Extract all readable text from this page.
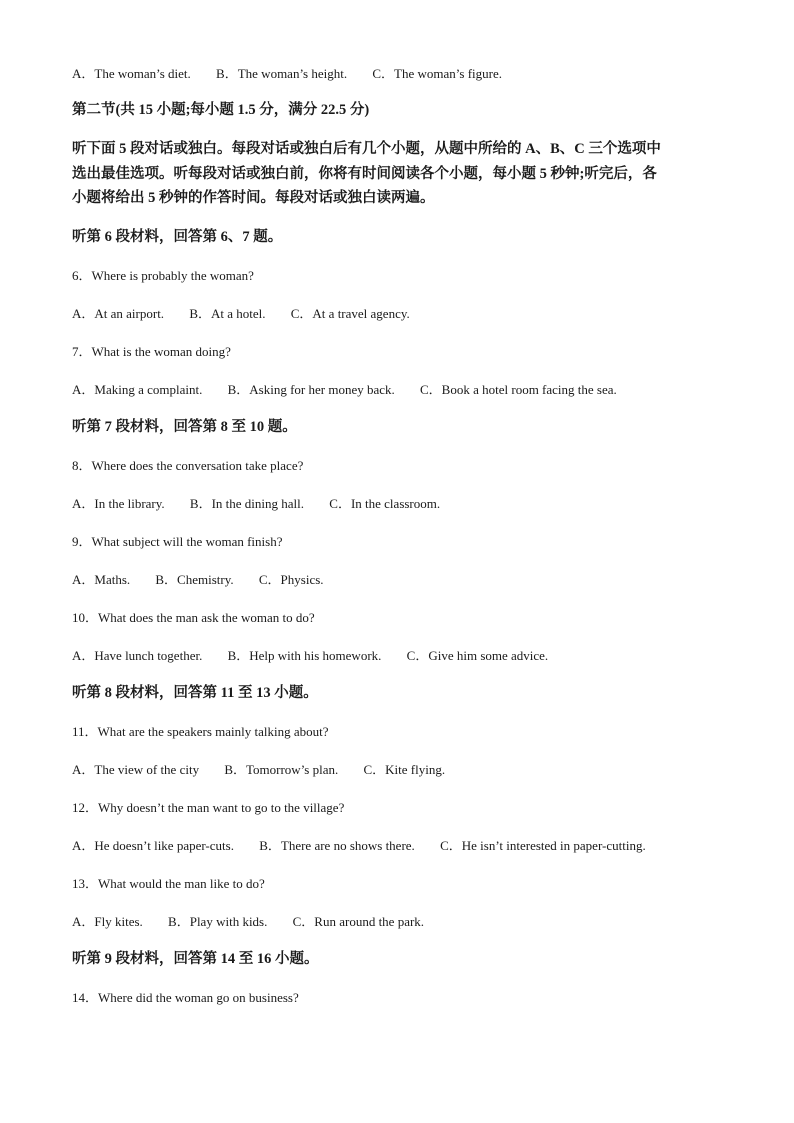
A．The woman’s diet. B．The woman’s height. C．The woman’s figure.
第二节(共 15 小题;每小题 1.5 分，满分 22.5 分)
听下面 5 段对话或独白。每段对话或独白后有几个小题，从题中所给的 A、B、C 三个选项中
选出最佳选项。听每段对话或独白前，你将有时间阅读各个小题，每小题 5 秒钟;听完后，各
小题将给出 5 秒钟的作答时间。每段对话或独白读两遍。
听第 6 段材料，回答第 6、7 题。
6．Where is probably the woman?
A．At an airport. B．At a hotel. C．At a travel agency.
7．What is the woman doing?
A．Making a complaint. B．Asking for her money back. C．Book a hotel room facing the sea.
听第 7 段材料，回答第 8 至 10 题。
8．Where does the conversation take place?
A．In the library. B．In the dining hall. C．In the classroom.
9．What subject will the woman finish?
A．Maths. B．Chemistry. C．Physics.
10．What does the man ask the woman to do?
A．Have lunch together. B．Help with his homework. C．Give him some advice.
听第 8 段材料，回答第 11 至 13 小题。
11．What are the speakers mainly talking about?
A．The view of the city B．Tomorrow’s plan. C．Kite flying.
12．Why doesn’t the man want to go to the village?
A．He doesn’t like paper-cuts. B．There are no shows there. C．He isn’t interested in paper-cutting.
13．What would the man like to do?
A．Fly kites. B．Play with kids. C．Run around the park.
听第 9 段材料，回答第 14 至 16 小题。
14．Where did the woman go on business?
